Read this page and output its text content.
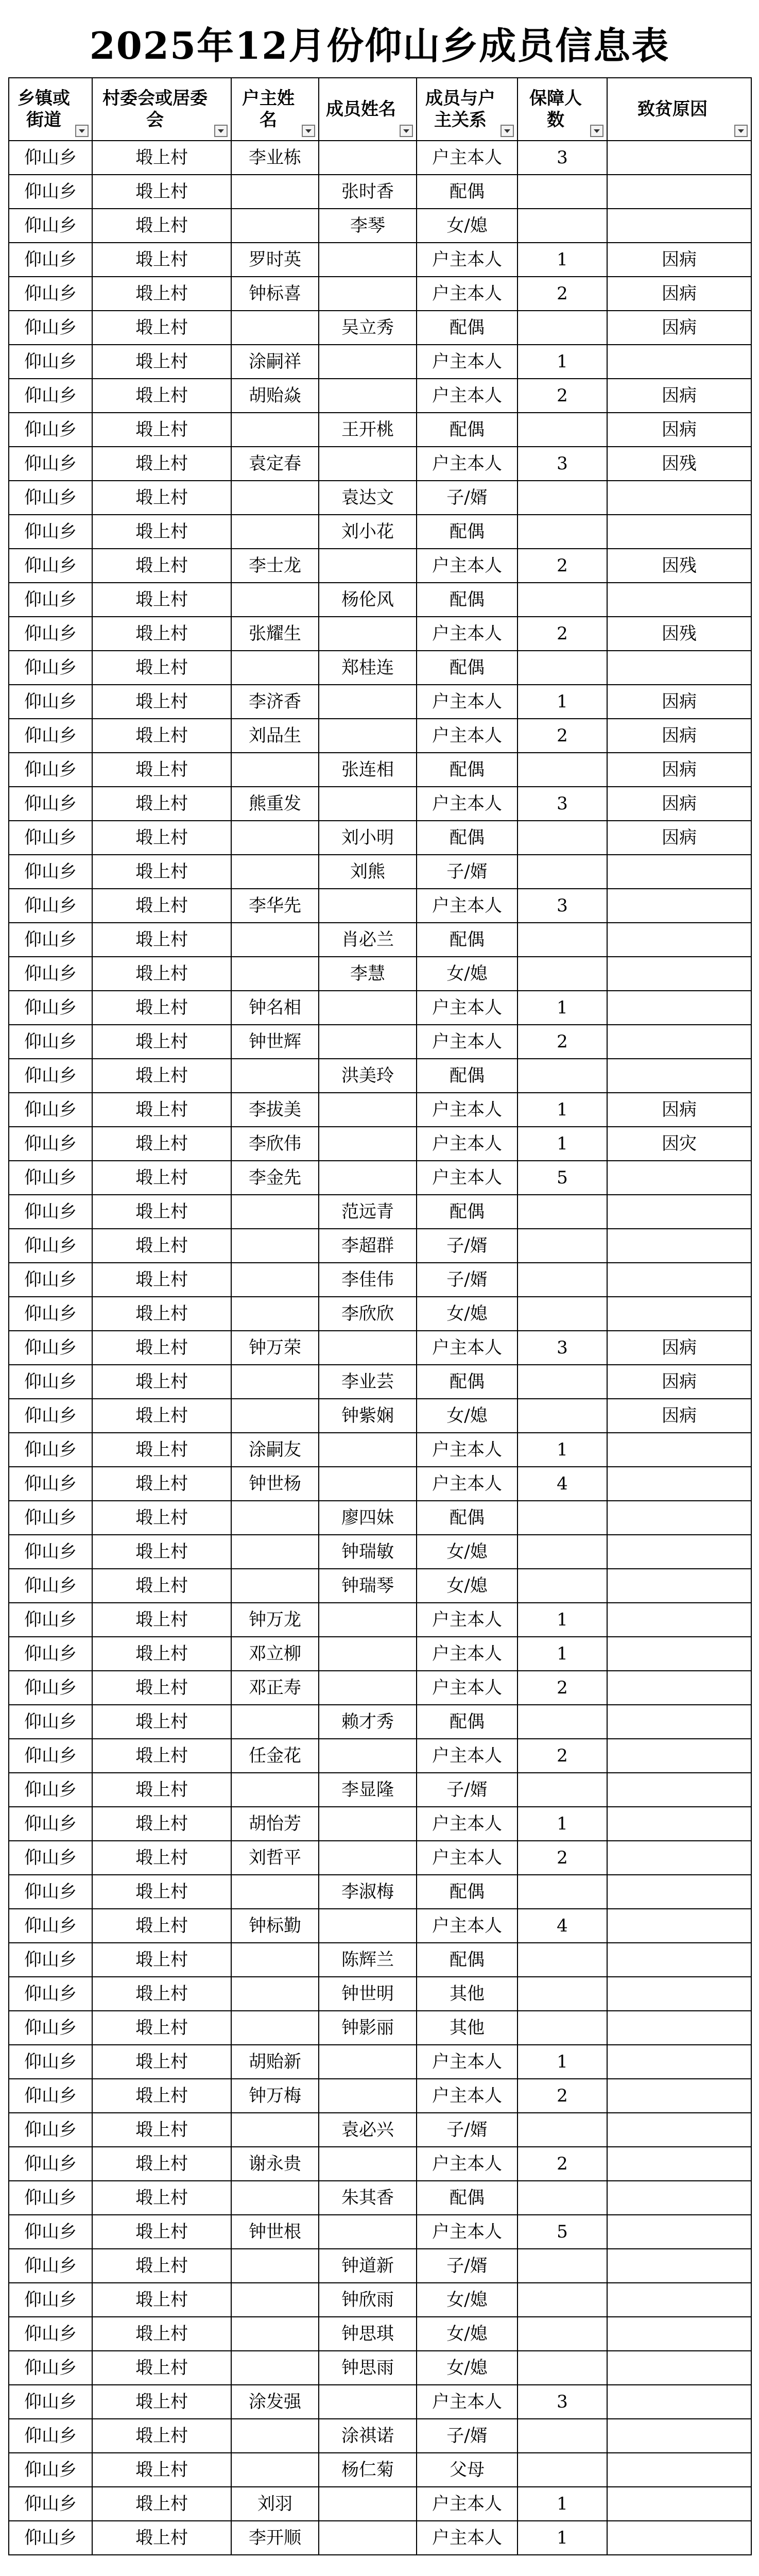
2025年12月份仰山乡成员信息表
乡镇或街道	村委会或居委会	户主姓名	成员姓名	成员与户主关系	保障人数	致贫原因

仰山乡	塅上村	李业栋		户主本人	3	
仰山乡	塅上村		张时香	配偶		
仰山乡	塅上村		李琴	女/媳		
仰山乡	塅上村	罗时英		户主本人	1	因病
仰山乡	塅上村	钟标喜		户主本人	2	因病
仰山乡	塅上村		吴立秀	配偶		因病
仰山乡	塅上村	涂嗣祥		户主本人	1	
仰山乡	塅上村	胡贻焱		户主本人	2	因病
仰山乡	塅上村		王开桃	配偶		因病
仰山乡	塅上村	袁定春		户主本人	3	因残
仰山乡	塅上村		袁达文	子/婿		
仰山乡	塅上村		刘小花	配偶		
仰山乡	塅上村	李士龙		户主本人	2	因残
仰山乡	塅上村		杨伦风	配偶		
仰山乡	塅上村	张耀生		户主本人	2	因残
仰山乡	塅上村		郑桂连	配偶		
仰山乡	塅上村	李济香		户主本人	1	因病
仰山乡	塅上村	刘品生		户主本人	2	因病
仰山乡	塅上村		张连相	配偶		因病
仰山乡	塅上村	熊重发		户主本人	3	因病
仰山乡	塅上村		刘小明	配偶		因病
仰山乡	塅上村		刘熊	子/婿		
仰山乡	塅上村	李华先		户主本人	3	
仰山乡	塅上村		肖必兰	配偶		
仰山乡	塅上村		李慧	女/媳		
仰山乡	塅上村	钟名相		户主本人	1	
仰山乡	塅上村	钟世辉		户主本人	2	
仰山乡	塅上村		洪美玲	配偶		
仰山乡	塅上村	李拔美		户主本人	1	因病
仰山乡	塅上村	李欣伟		户主本人	1	因灾
仰山乡	塅上村	李金先		户主本人	5	
仰山乡	塅上村		范远青	配偶		
仰山乡	塅上村		李超群	子/婿		
仰山乡	塅上村		李佳伟	子/婿		
仰山乡	塅上村		李欣欣	女/媳		
仰山乡	塅上村	钟万荣		户主本人	3	因病
仰山乡	塅上村		李业芸	配偶		因病
仰山乡	塅上村		钟紫娴	女/媳		因病
仰山乡	塅上村	涂嗣友		户主本人	1	
仰山乡	塅上村	钟世杨		户主本人	4	
仰山乡	塅上村		廖四妹	配偶		
仰山乡	塅上村		钟瑞敏	女/媳		
仰山乡	塅上村		钟瑞琴	女/媳		
仰山乡	塅上村	钟万龙		户主本人	1	
仰山乡	塅上村	邓立柳		户主本人	1	
仰山乡	塅上村	邓正寿		户主本人	2	
仰山乡	塅上村		赖才秀	配偶		
仰山乡	塅上村	任金花		户主本人	2	
仰山乡	塅上村		李显隆	子/婿		
仰山乡	塅上村	胡怡芳		户主本人	1	
仰山乡	塅上村	刘哲平		户主本人	2	
仰山乡	塅上村		李淑梅	配偶		
仰山乡	塅上村	钟标勤		户主本人	4	
仰山乡	塅上村		陈辉兰	配偶		
仰山乡	塅上村		钟世明	其他		
仰山乡	塅上村		钟影丽	其他		
仰山乡	塅上村	胡贻新		户主本人	1	
仰山乡	塅上村	钟万梅		户主本人	2	
仰山乡	塅上村		袁必兴	子/婿		
仰山乡	塅上村	谢永贵		户主本人	2	
仰山乡	塅上村		朱其香	配偶		
仰山乡	塅上村	钟世根		户主本人	5	
仰山乡	塅上村		钟道新	子/婿		
仰山乡	塅上村		钟欣雨	女/媳		
仰山乡	塅上村		钟思琪	女/媳		
仰山乡	塅上村		钟思雨	女/媳		
仰山乡	塅上村	涂发强		户主本人	3	
仰山乡	塅上村		涂祺诺	子/婿		
仰山乡	塅上村		杨仁菊	父母		
仰山乡	塅上村	刘羽		户主本人	1	
仰山乡	塅上村	李开顺		户主本人	1	
